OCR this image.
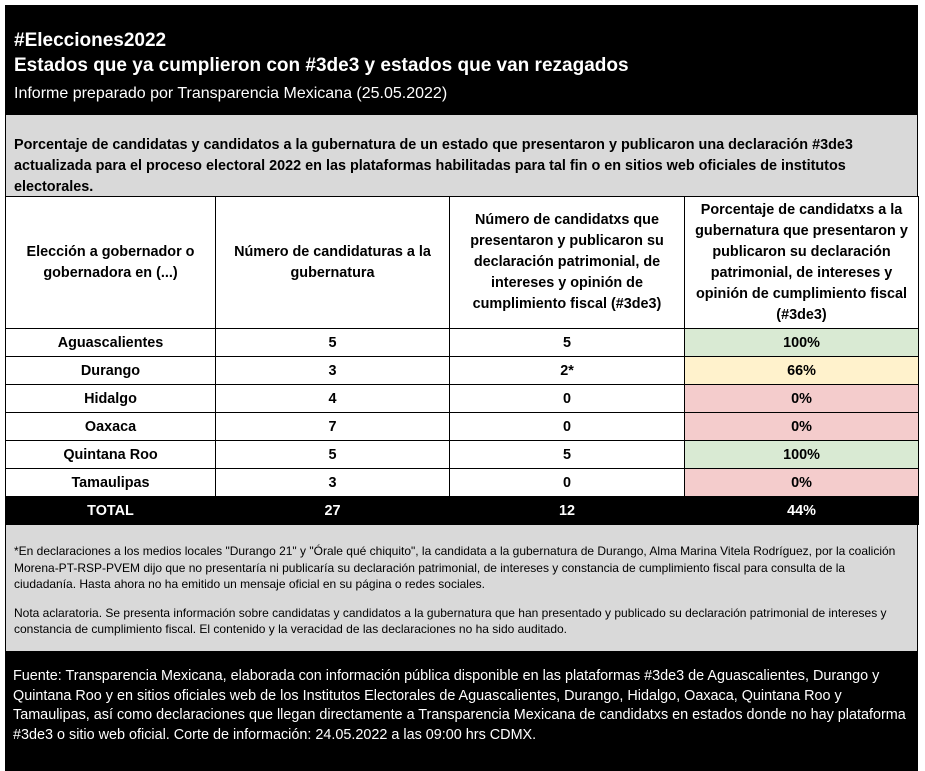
#Elecciones2022
Estados que ya cumplieron con #3de3 y estados que van rezagados
Informe preparado por Transparencia Mexicana (25.05.2022)
Porcentaje de candidatas y candidatos a la gubernatura de un estado que presentaron y publicaron una declaración #3de3 actualizada para el proceso electoral 2022 en las plataformas habilitadas para tal fin o en sitios web oficiales de institutos electorales.
Elección a gobernador o gobernadora en (...)	Número de candidaturas a la gubernatura	Número de candidatxs que presentaron y publicaron su declaración patrimonial, de intereses y opinión de cumplimiento fiscal (#3de3)	Porcentaje de candidatxs a la gubernatura que presentaron y publicaron su declaración patrimonial, de intereses y opinión de cumplimiento fiscal (#3de3)
Aguascalientes	5	5	100%
Durango	3	2*	66%
Hidalgo	4	0	0%
Oaxaca	7	0	0%
Quintana Roo	5	5	100%
Tamaulipas	3	0	0%
TOTAL	27	12	44%

*En declaraciones a los medios locales "Durango 21" y "Órale qué chiquito", la candidata a la gubernatura de Durango, Alma Marina Vitela Rodríguez, por la coalición Morena-PT-RSP-PVEM dijo que no presentaría ni publicaría su declaración patrimonial, de intereses y constancia de cumplimiento fiscal para consulta de la ciudadanía. Hasta ahora no ha emitido un mensaje oficial en su página o redes sociales.

Nota aclaratoria. Se presenta información sobre candidatas y candidatos a la gubernatura que han presentado y publicado su declaración patrimonial de intereses y constancia de cumplimiento fiscal. El contenido y la veracidad de las declaraciones no ha sido auditado.

Fuente: Transparencia Mexicana, elaborada con información pública disponible en las plataformas #3de3 de Aguascalientes, Durango y Quintana Roo y en sitios oficiales web de los Institutos Electorales de Aguascalientes, Durango, Hidalgo, Oaxaca, Quintana Roo y Tamaulipas, así como declaraciones que llegan directamente a Transparencia Mexicana de candidatxs en estados donde no hay plataforma #3de3 o sitio web oficial. Corte de información: 24.05.2022 a las 09:00 hrs CDMX.
